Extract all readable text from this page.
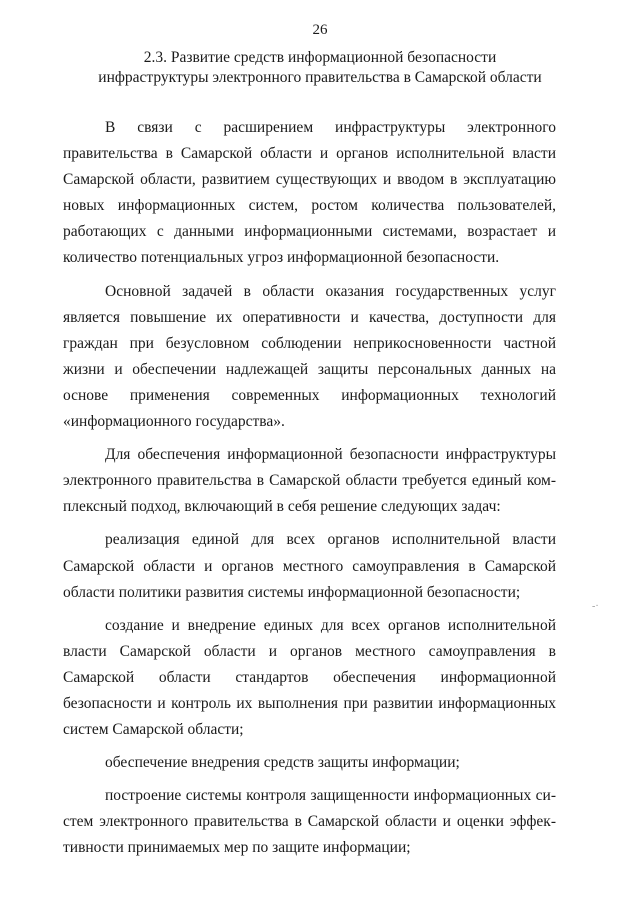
26
2.3. Развитие средств информационной безопасности
инфраструктуры электронного правительства в Самарской области

В связи с расширением инфраструктуры электронного правительства в Самарской области и органов исполнительной власти Самарской области, развитием существующих и вводом в эксплуатацию новых информационных систем, ростом количества пользователей, работающих с данными информационными системами, возрастает и количество потенциальных угроз информационной безопасности.

Основной задачей в области оказания государственных услуг является повышение их оперативности и качества, доступности для граждан при безусловном соблюдении неприкосновенности частной жизни и обеспечении надлежащей защиты персональных данных на основе применения современных информационных технологий «информационного государства».

Для обеспечения информационной безопасности инфраструктуры электронного правительства в Самарской области требуется единый комплексный подход, включающий в себя решение следующих задач:

реализация единой для всех органов исполнительной власти Самарской области и органов местного самоуправления в Самарской области политики развития системы информационной безопасности;

создание и внедрение единых для всех органов исполнительной власти Самарской области и органов местного самоуправления в Самарской области стандартов обеспечения информационной безопасности и контроль их выполнения при развитии информационных систем Самарской области;

обеспечение внедрения средств защиты информации;

построение системы контроля защищенности информационных систем электронного правительства в Самарской области и оценки эффективности принимаемых мер по защите информации;

-·
